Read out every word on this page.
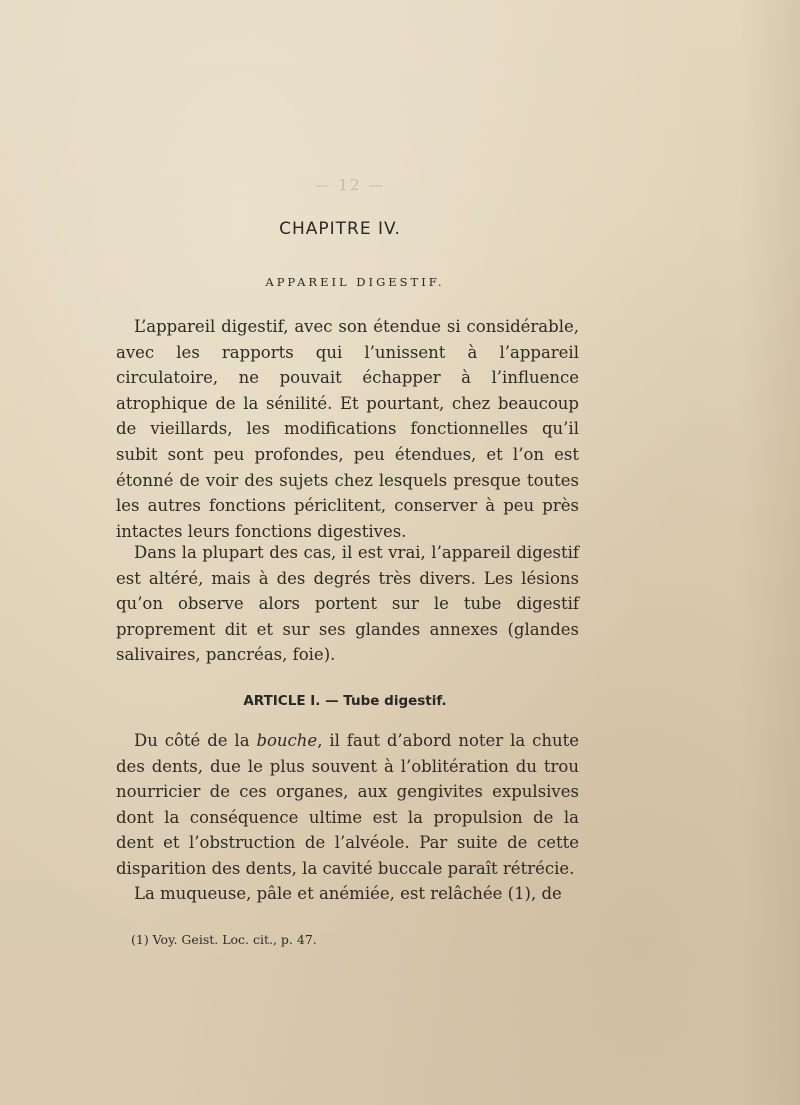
— 12 —
CHAPITRE IV.
APPAREIL DIGESTIF.

L’appareil digestif, avec son étendue si considérable, avec les rapports qui l’unissent à l’appareil circulatoire, ne pouvait échapper à l’influence atrophique de la sénilité. Et pourtant, chez beaucoup de vieillards, les modifications fonctionnelles qu’il subit sont peu profondes, peu étendues, et l’on est étonné de voir des sujets chez lesquels presque toutes les autres fonctions périclitent, conserver à peu près intactes leurs fonctions digestives.

Dans la plupart des cas, il est vrai, l’appareil digestif est altéré, mais à des degrés très divers. Les lésions qu’on observe alors portent sur le tube digestif proprement dit et sur ses glandes annexes (glandes salivaires, pancréas, foie).

ARTICLE I. — Tube digestif.

Du côté de la bouche, il faut d’abord noter la chute des dents, due le plus souvent à l’oblitération du trou nourricier de ces organes, aux gengivites expulsives dont la conséquence ultime est la propulsion de la dent et l’obstruction de l’alvéole. Par suite de cette disparition des dents, la cavité buccale paraît rétrécie.

La muqueuse, pâle et anémiée, est relâchée (1), de

(1) Voy. Geist. Loc. cit., p. 47.
